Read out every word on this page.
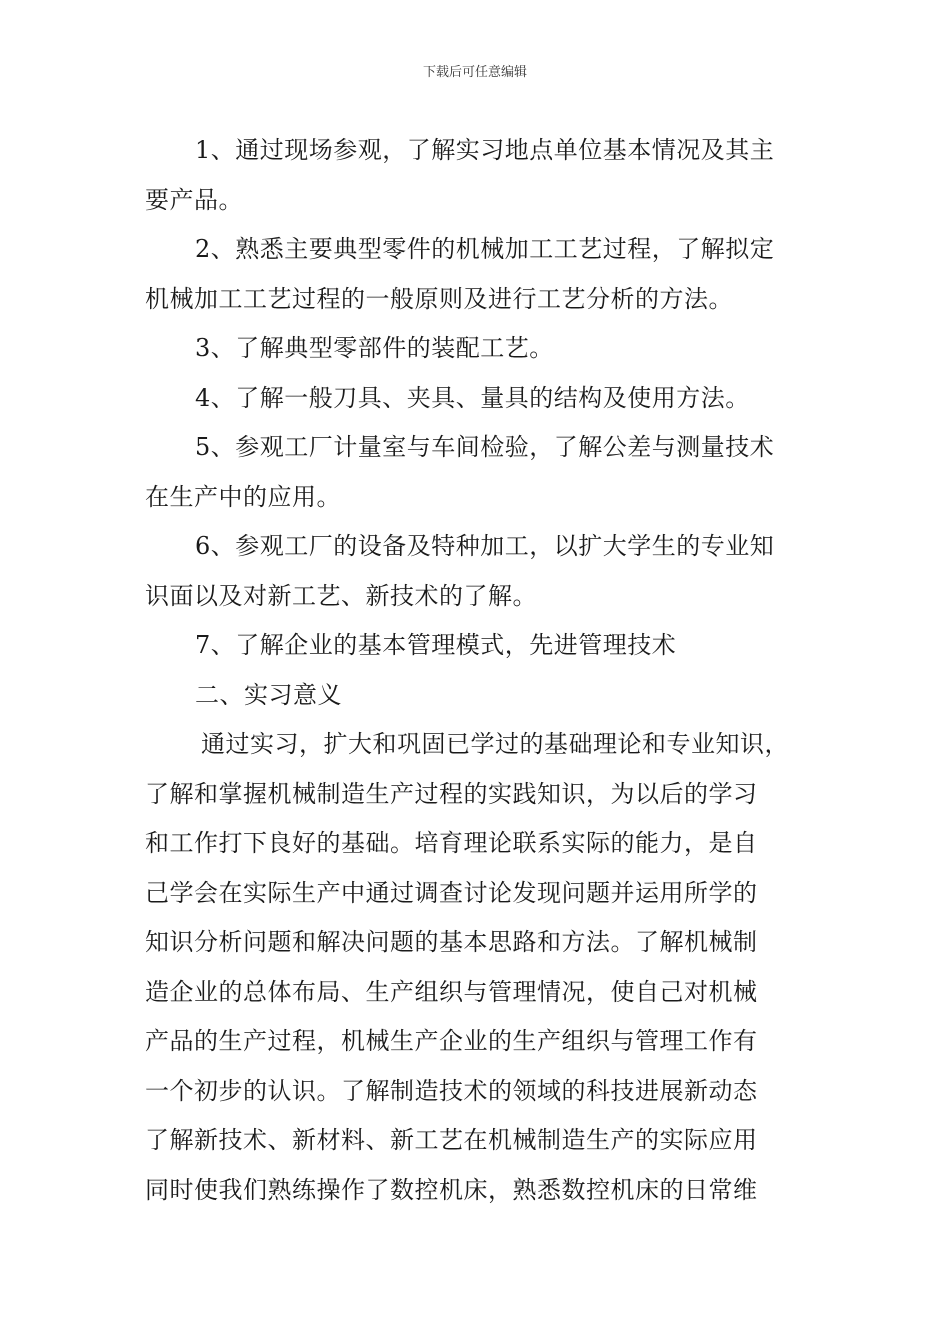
下载后可任意编辑
1、通过现场参观，了解实习地点单位基本情况及其主
要产品。
2、熟悉主要典型零件的机械加工工艺过程，了解拟定
机械加工工艺过程的一般原则及进行工艺分析的方法。
3、了解典型零部件的装配工艺。
4、了解一般刀具、夹具、量具的结构及使用方法。
5、参观工厂计量室与车间检验，了解公差与测量技术
在生产中的应用。
6、参观工厂的设备及特种加工，以扩大学生的专业知
识面以及对新工艺、新技术的了解。
7、了解企业的基本管理模式，先进管理技术
二、实习意义
通过实习，扩大和巩固已学过的基础理论和专业知识，
了解和掌握机械制造生产过程的实践知识，为以后的学习
和工作打下良好的基础。培育理论联系实际的能力，是自
己学会在实际生产中通过调查讨论发现问题并运用所学的
知识分析问题和解决问题的基本思路和方法。了解机械制
造企业的总体布局、生产组织与管理情况，使自己对机械
产品的生产过程，机械生产企业的生产组织与管理工作有
一个初步的认识。了解制造技术的领域的科技进展新动态
了解新技术、新材料、新工艺在机械制造生产的实际应用
同时使我们熟练操作了数控机床，熟悉数控机床的日常维
